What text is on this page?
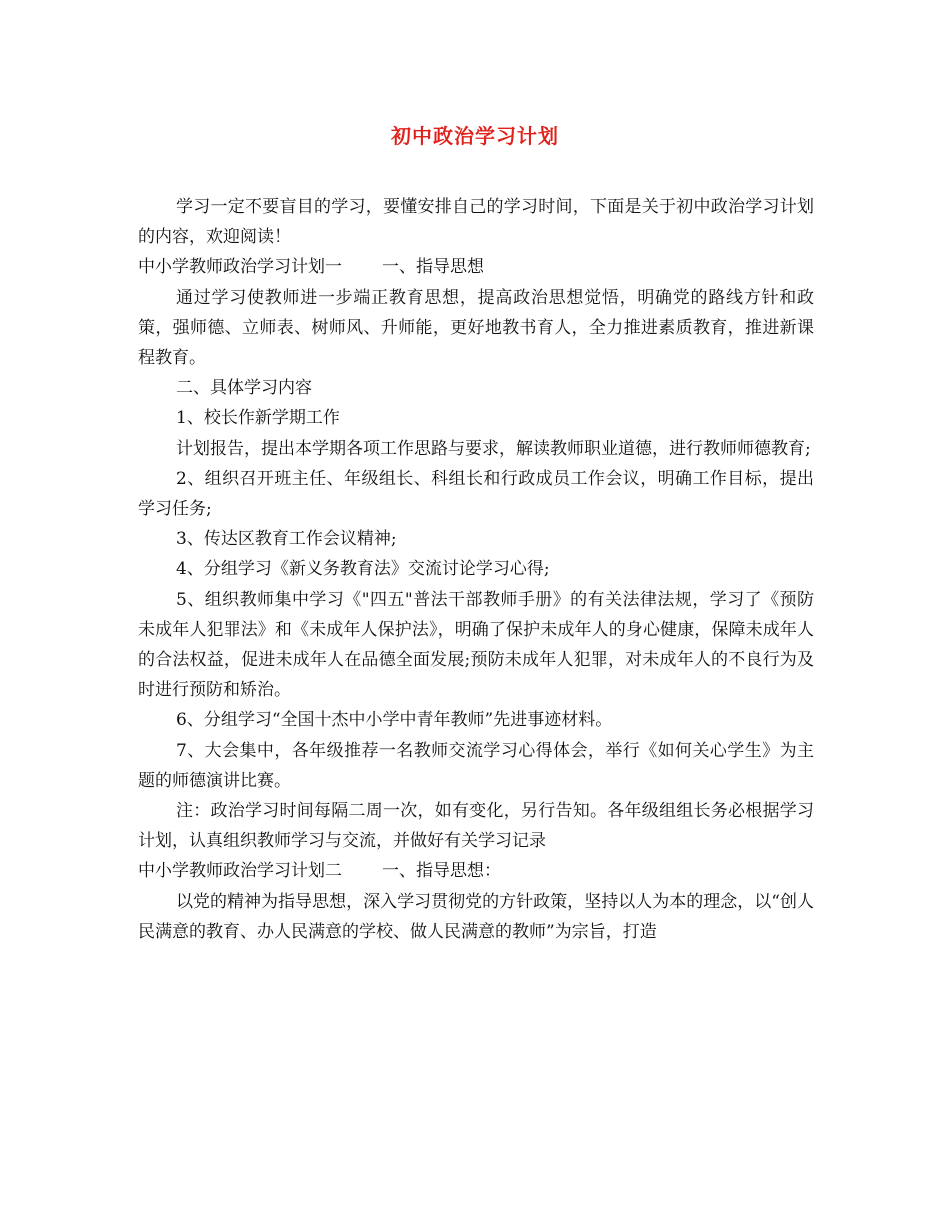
初中政治学习计划

学习一定不要盲目的学习，要懂安排自己的学习时间，下面是关于初中政治学习计划的内容，欢迎阅读！

中小学教师政治学习计划一 一、指导思想

通过学习使教师进一步端正教育思想，提高政治思想觉悟，明确党的路线方针和政策，强师德、立师表、树师风、升师能，更好地教书育人，全力推进素质教育，推进新课程教育。

二、具体学习内容

1、校长作新学期工作

计划报告，提出本学期各项工作思路与要求，解读教师职业道德，进行教师师德教育;

2、组织召开班主任、年级组长、科组长和行政成员工作会议，明确工作目标，提出学习任务;

3、传达区教育工作会议精神;

4、分组学习《新义务教育法》交流讨论学习心得;

5、组织教师集中学习《"四五"普法干部教师手册》的有关法律法规，学习了《预防未成年人犯罪法》和《未成年人保护法》，明确了保护未成年人的身心健康，保障未成年人的合法权益，促进未成年人在品德全面发展;预防未成年人犯罪，对未成年人的不良行为及时进行预防和矫治。

6、分组学习“全国十杰中小学中青年教师”先进事迹材料。

7、大会集中，各年级推荐一名教师交流学习心得体会，举行《如何关心学生》为主题的师德演讲比赛。

注：政治学习时间每隔二周一次，如有变化，另行告知。各年级组组长务必根据学习计划，认真组织教师学习与交流，并做好有关学习记录

中小学教师政治学习计划二 一、指导思想：

以党的精神为指导思想，深入学习贯彻党的方针政策，坚持以人为本的理念，以“创人民满意的教育、办人民满意的学校、做人民满意的教师”为宗旨，打造
